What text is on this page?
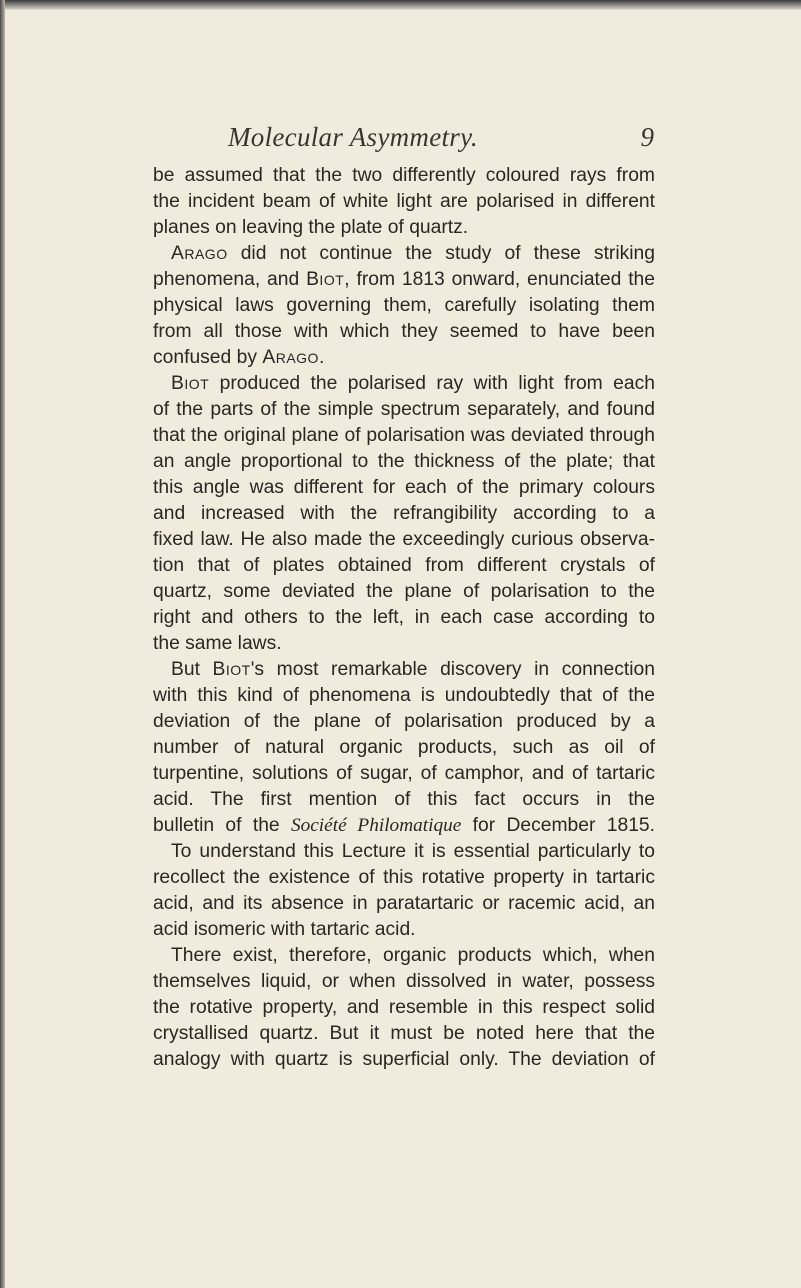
Molecular Asymmetry.	9
be assumed that the two differently coloured rays from
the incident beam of white light are polarised in different
planes on leaving the plate of quartz.
Arago did not continue the study of these striking
phenomena, and Biot, from 1813 onward, enunciated the
physical laws governing them, carefully isolating them
from all those with which they seemed to have been
confused by Arago.
Biot produced the polarised ray with light from each
of the parts of the simple spectrum separately, and found
that the original plane of polarisation was deviated through
an angle proportional to the thickness of the plate; that
this angle was different for each of the primary colours
and increased with the refrangibility according to a
fixed law. He also made the exceedingly curious observa-
tion that of plates obtained from different crystals of
quartz, some deviated the plane of polarisation to the
right and others to the left, in each case according to
the same laws.
But Biot's most remarkable discovery in connection
with this kind of phenomena is undoubtedly that of the
deviation of the plane of polarisation produced by a
number of natural organic products, such as oil of
turpentine, solutions of sugar, of camphor, and of tartaric
acid. The first mention of this fact occurs in the
bulletin of the Société Philomatique for December 1815.
To understand this Lecture it is essential particularly to
recollect the existence of this rotative property in tartaric
acid, and its absence in paratartaric or racemic acid, an
acid isomeric with tartaric acid.
There exist, therefore, organic products which, when
themselves liquid, or when dissolved in water, possess
the rotative property, and resemble in this respect solid
crystallised quartz. But it must be noted here that the
analogy with quartz is superficial only. The deviation of
